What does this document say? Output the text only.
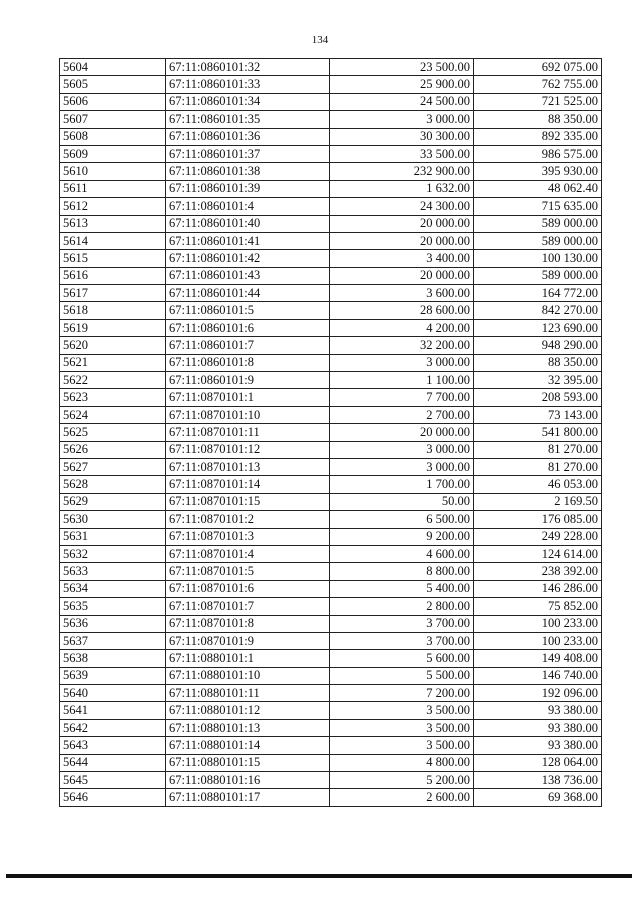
134
5604	67:11:0860101:32	23 500.00	692 075.00
5605	67:11:0860101:33	25 900.00	762 755.00
5606	67:11:0860101:34	24 500.00	721 525.00
5607	67:11:0860101:35	3 000.00	88 350.00
5608	67:11:0860101:36	30 300.00	892 335.00
5609	67:11:0860101:37	33 500.00	986 575.00
5610	67:11:0860101:38	232 900.00	395 930.00
5611	67:11:0860101:39	1 632.00	48 062.40
5612	67:11:0860101:4	24 300.00	715 635.00
5613	67:11:0860101:40	20 000.00	589 000.00
5614	67:11:0860101:41	20 000.00	589 000.00
5615	67:11:0860101:42	3 400.00	100 130.00
5616	67:11:0860101:43	20 000.00	589 000.00
5617	67:11:0860101:44	3 600.00	164 772.00
5618	67:11:0860101:5	28 600.00	842 270.00
5619	67:11:0860101:6	4 200.00	123 690.00
5620	67:11:0860101:7	32 200.00	948 290.00
5621	67:11:0860101:8	3 000.00	88 350.00
5622	67:11:0860101:9	1 100.00	32 395.00
5623	67:11:0870101:1	7 700.00	208 593.00
5624	67:11:0870101:10	2 700.00	73 143.00
5625	67:11:0870101:11	20 000.00	541 800.00
5626	67:11:0870101:12	3 000.00	81 270.00
5627	67:11:0870101:13	3 000.00	81 270.00
5628	67:11:0870101:14	1 700.00	46 053.00
5629	67:11:0870101:15	50.00	2 169.50
5630	67:11:0870101:2	6 500.00	176 085.00
5631	67:11:0870101:3	9 200.00	249 228.00
5632	67:11:0870101:4	4 600.00	124 614.00
5633	67:11:0870101:5	8 800.00	238 392.00
5634	67:11:0870101:6	5 400.00	146 286.00
5635	67:11:0870101:7	2 800.00	75 852.00
5636	67:11:0870101:8	3 700.00	100 233.00
5637	67:11:0870101:9	3 700.00	100 233.00
5638	67:11:0880101:1	5 600.00	149 408.00
5639	67:11:0880101:10	5 500.00	146 740.00
5640	67:11:0880101:11	7 200.00	192 096.00
5641	67:11:0880101:12	3 500.00	93 380.00
5642	67:11:0880101:13	3 500.00	93 380.00
5643	67:11:0880101:14	3 500.00	93 380.00
5644	67:11:0880101:15	4 800.00	128 064.00
5645	67:11:0880101:16	5 200.00	138 736.00
5646	67:11:0880101:17	2 600.00	69 368.00
